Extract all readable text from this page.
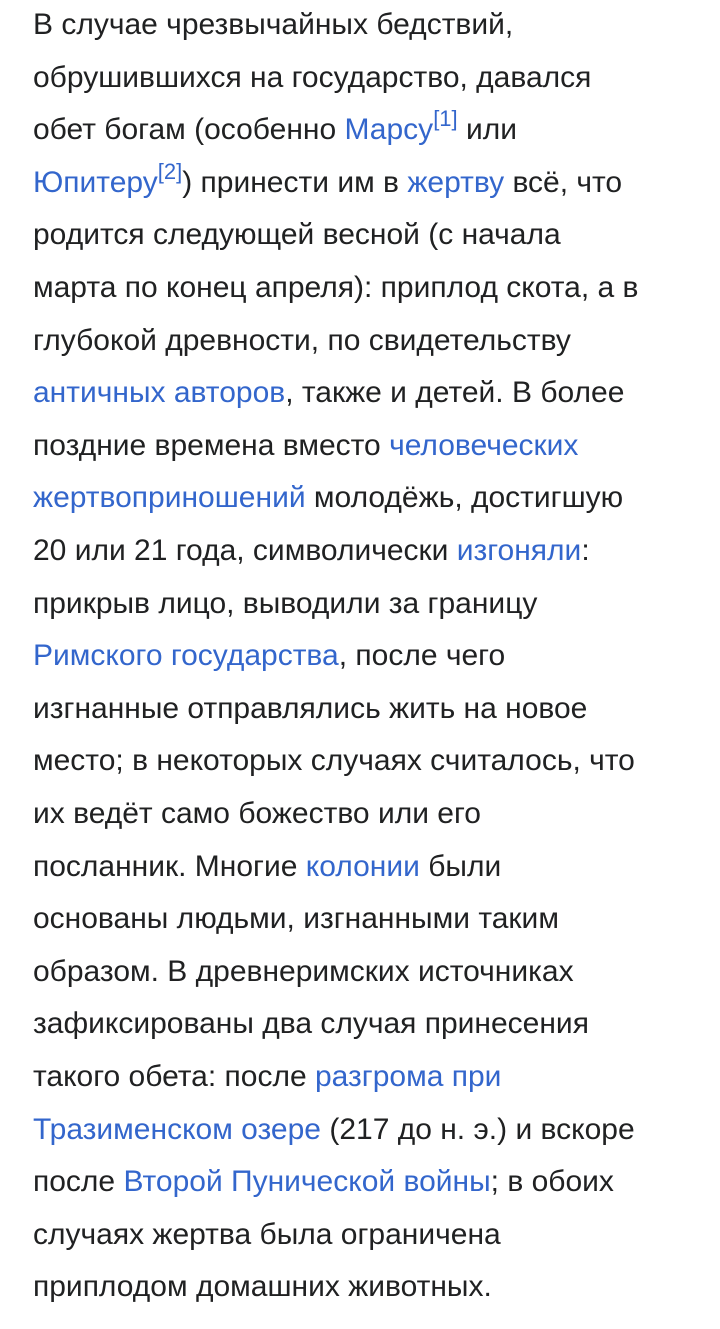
В случае чрезвычайных бедствий,
обрушившихся на государство, давался
обет богам (особенно Марсу[1] или
Юпитеру[2]) принести им в жертву всё, что
родится следующей весной (с начала
марта по конец апреля): приплод скота, а в
глубокой древности, по свидетельству
античных авторов, также и детей. В более
поздние времена вместо человеческих
жертвоприношений молодёжь, достигшую
20 или 21 года, символически изгоняли:
прикрыв лицо, выводили за границу
Римского государства, после чего
изгнанные отправлялись жить на новое
место; в некоторых случаях считалось, что
их ведёт само божество или его
посланник. Многие колонии были
основаны людьми, изгнанными таким
образом. В древнеримских источниках
зафиксированы два случая принесения
такого обета: после разгрома при
Тразименском озере (217 до н. э.) и вскоре
после Второй Пунической войны; в обоих
случаях жертва была ограничена
приплодом домашних животных.
